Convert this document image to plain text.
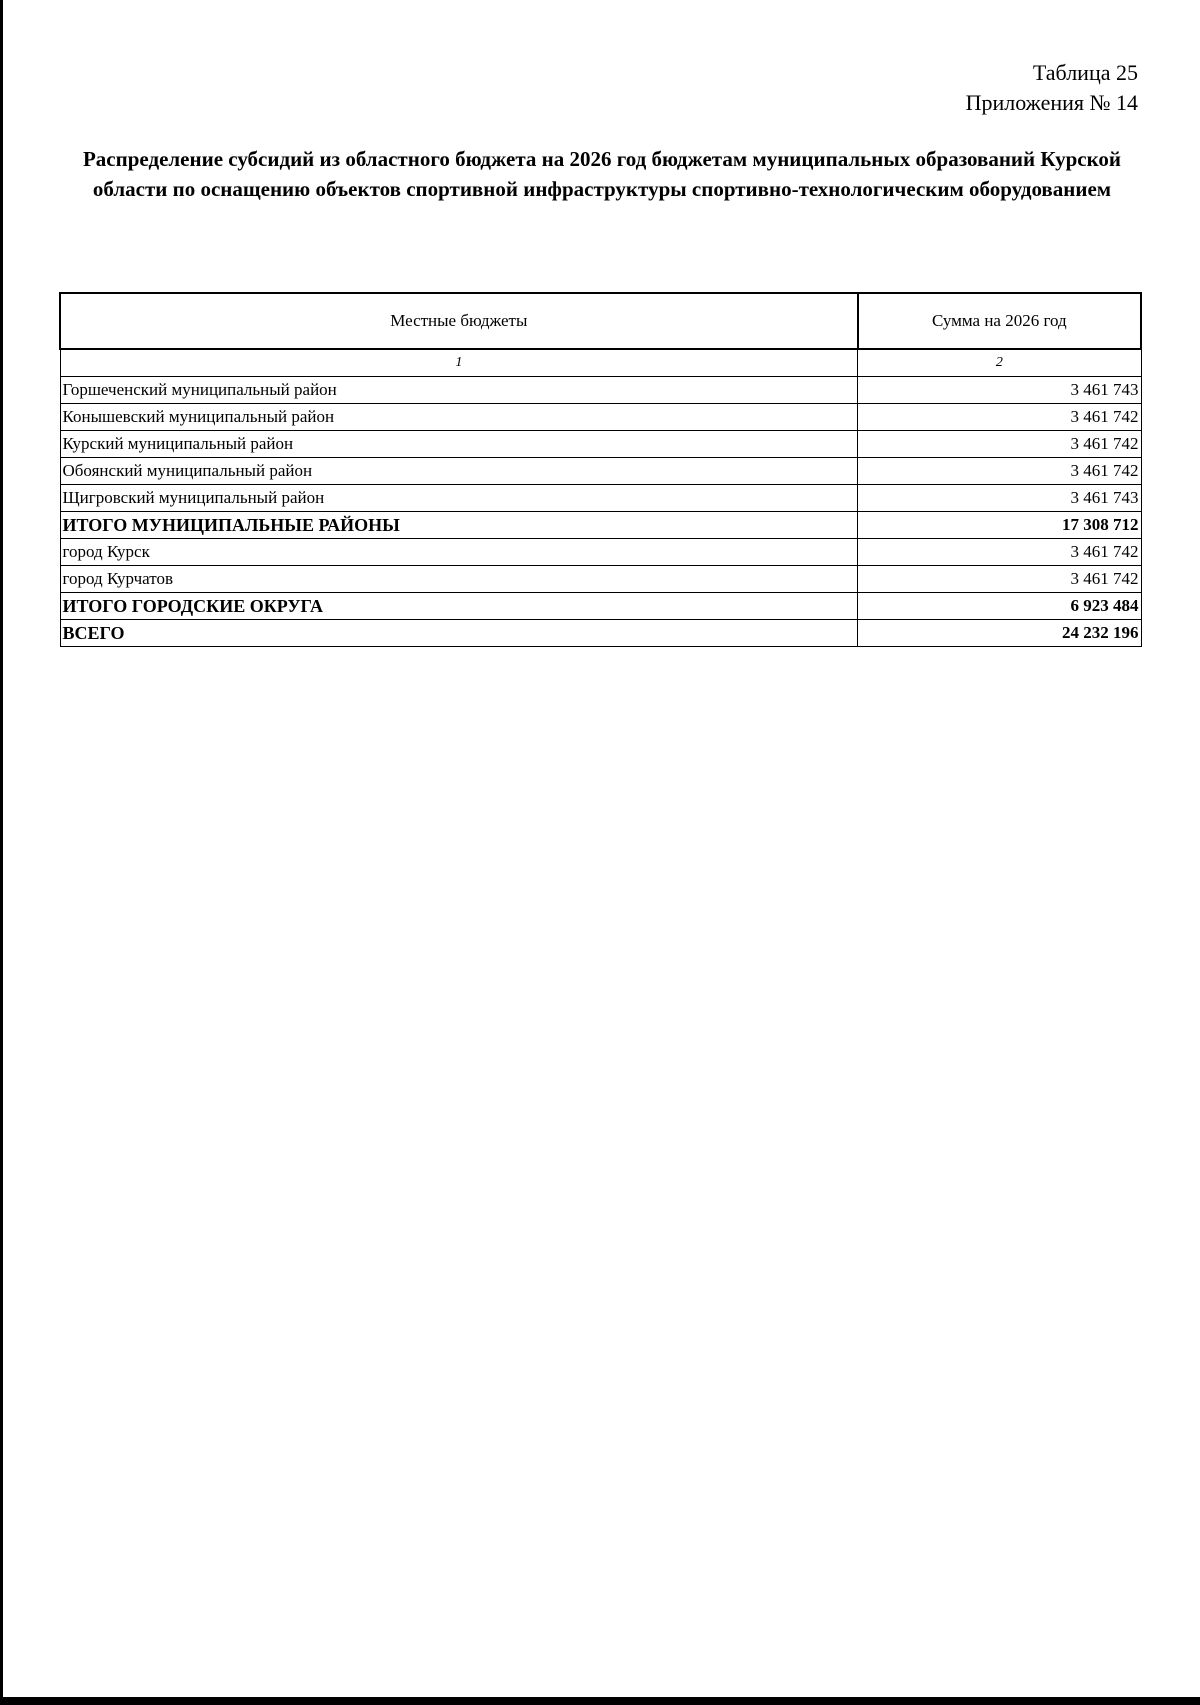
Таблица 25
Приложения № 14
Распределение субсидий из областного бюджета на 2026 год бюджетам муниципальных образований Курской области по оснащению объектов спортивной инфраструктуры спортивно-технологическим оборудованием
Местные бюджеты	Сумма на 2026 год
1	2
Горшеченский муниципальный район	3 461 743
Конышевский муниципальный район	3 461 742
Курский муниципальный район	3 461 742
Обоянский муниципальный район	3 461 742
Щигровский муниципальный район	3 461 743
ИТОГО МУНИЦИПАЛЬНЫЕ РАЙОНЫ	17 308 712
город Курск	3 461 742
город Курчатов	3 461 742
ИТОГО ГОРОДСКИЕ ОКРУГА	6 923 484
ВСЕГО	24 232 196
